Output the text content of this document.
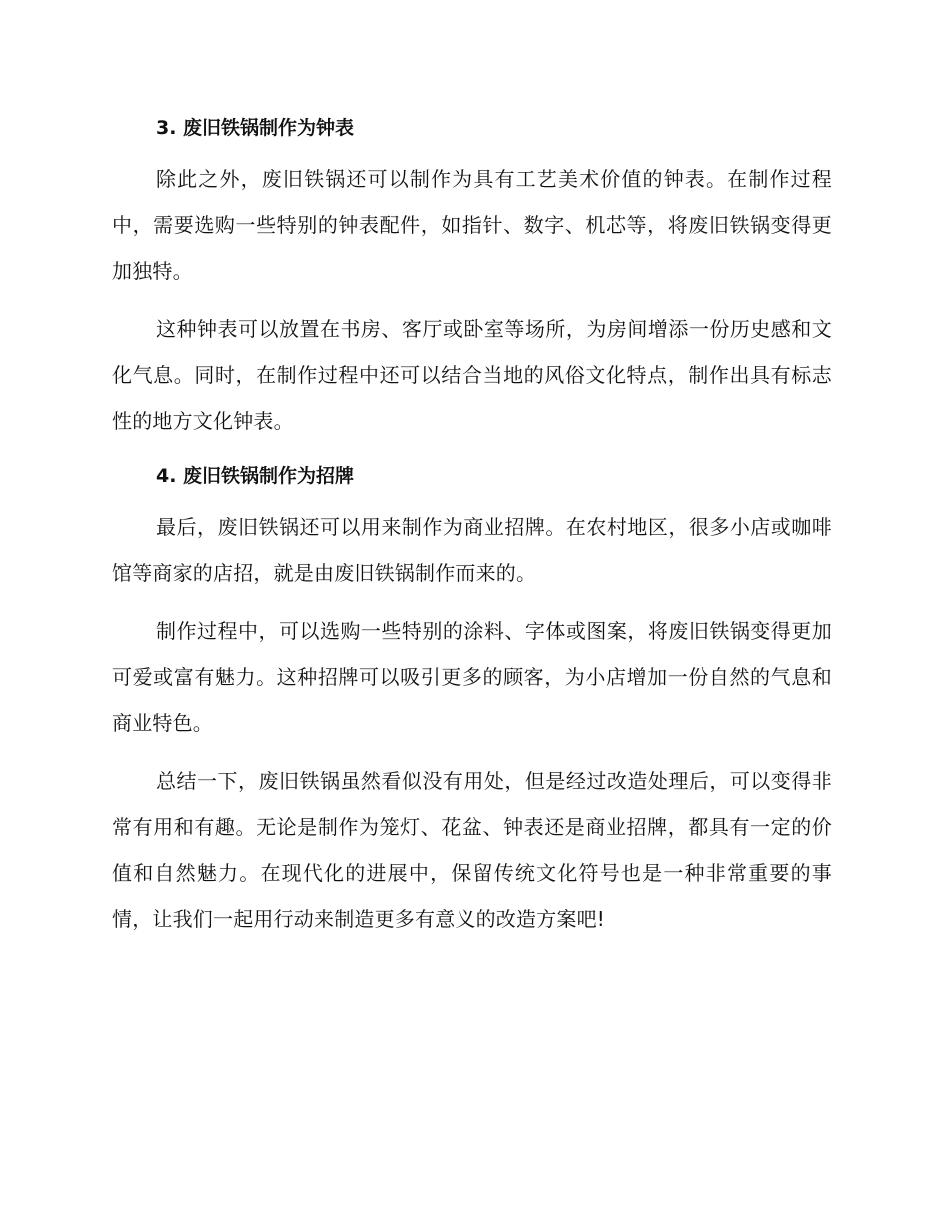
3. 废旧铁锅制作为钟表

除此之外，废旧铁锅还可以制作为具有工艺美术价值的钟表。在制作过程中，需要选购一些特别的钟表配件，如指针、数字、机芯等，将废旧铁锅变得更加独特。

这种钟表可以放置在书房、客厅或卧室等场所，为房间增添一份历史感和文化气息。同时，在制作过程中还可以结合当地的风俗文化特点，制作出具有标志性的地方文化钟表。

4. 废旧铁锅制作为招牌

最后，废旧铁锅还可以用来制作为商业招牌。在农村地区，很多小店或咖啡馆等商家的店招，就是由废旧铁锅制作而来的。

制作过程中，可以选购一些特别的涂料、字体或图案，将废旧铁锅变得更加可爱或富有魅力。这种招牌可以吸引更多的顾客，为小店增加一份自然的气息和商业特色。

总结一下，废旧铁锅虽然看似没有用处，但是经过改造处理后，可以变得非常有用和有趣。无论是制作为笼灯、花盆、钟表还是商业招牌，都具有一定的价值和自然魅力。在现代化的进展中，保留传统文化符号也是一种非常重要的事情，让我们一起用行动来制造更多有意义的改造方案吧!
